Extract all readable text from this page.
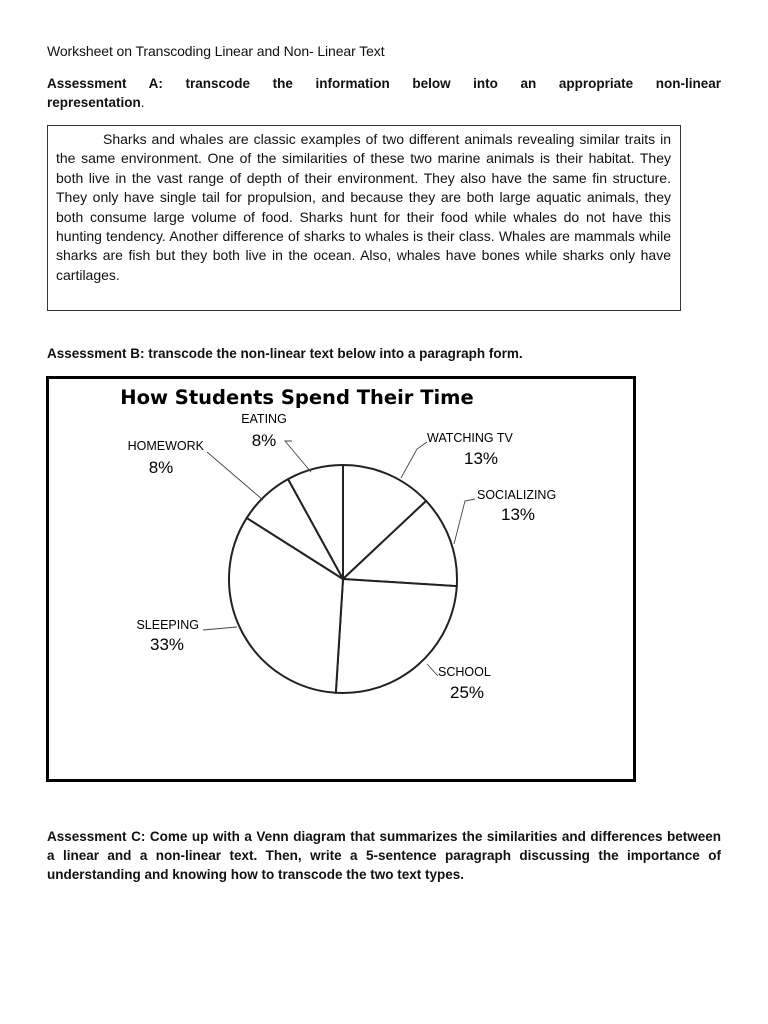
Worksheet on Transcoding Linear and Non- Linear Text
Assessment A: transcode the information below into an appropriate non-linear
representation.

Sharks and whales are classic examples of two different animals revealing similar traits in the same environment. One of the similarities of these two marine animals is their habitat. They both live in the vast range of depth of their environment. They also have the same fin structure. They only have single tail for propulsion, and because they are both large aquatic animals, they both consume large volume of food. Sharks hunt for their food while whales do not have this hunting tendency. Another difference of sharks to whales is their class. Whales are mammals while sharks are fish but they both live in the ocean. Also, whales have bones while sharks only have cartilages.

Assessment B: transcode the non-linear text below into a paragraph form.
How Students Spend Their Time
WATCHING TV
13%
SOCIALIZING
13%
SCHOOL
25%
SLEEPING
33%
HOMEWORK
8%
EATING
8%
Assessment C: Come up with a Venn diagram that summarizes the similarities and differences between a linear and a non-linear text. Then, write a 5-sentence paragraph discussing the importance of understanding and knowing how to transcode the two text types.
